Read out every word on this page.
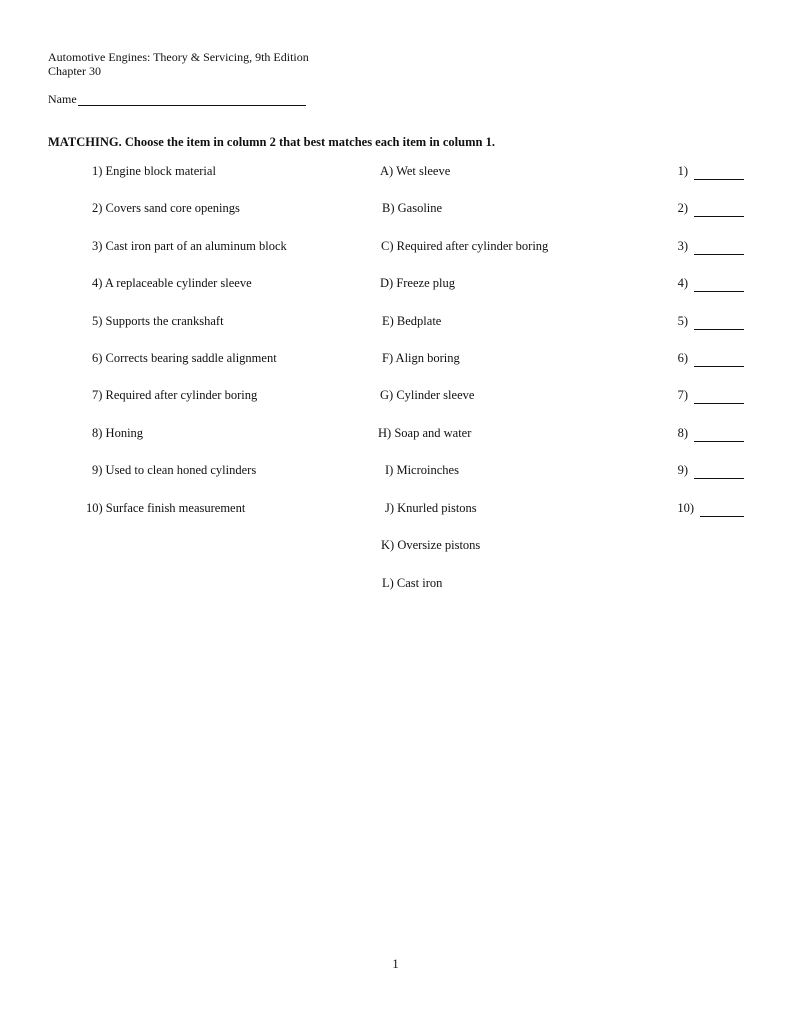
Automotive Engines: Theory & Servicing, 9th Edition
Chapter 30
Name
MATCHING. Choose the item in column 2 that best matches each item in column 1.
1) Engine block material	A) Wet sleeve	1)
2) Covers sand core openings	B) Gasoline	2)
3) Cast iron part of an aluminum block	C) Required after cylinder boring	3)
4) A replaceable cylinder sleeve	D) Freeze plug	4)
5) Supports the crankshaft	E) Bedplate	5)
6) Corrects bearing saddle alignment	F) Align boring	6)
7) Required after cylinder boring	G) Cylinder sleeve	7)
8) Honing	H) Soap and water	8)
9) Used to clean honed cylinders	I) Microinches	9)
10) Surface finish measurement	J) Knurled pistons	10)
K) Oversize pistons
L) Cast iron
1
